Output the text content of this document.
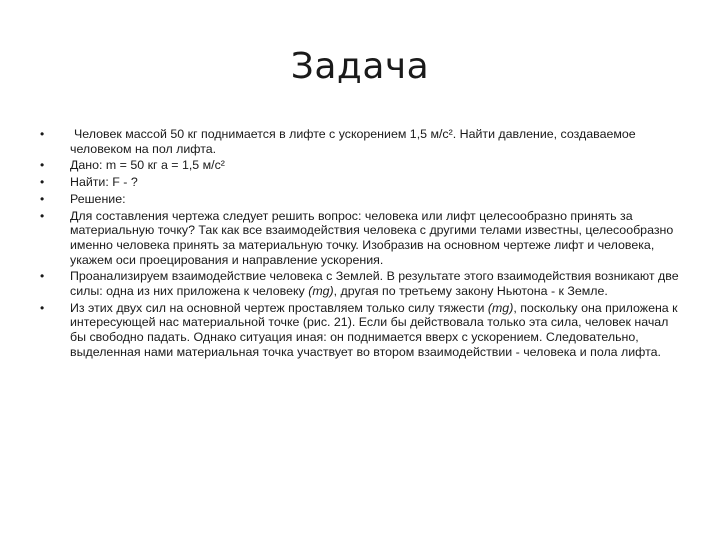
Задача
•	Человек массой 50 кг поднимается в лифте с ускорением 1,5 м/с². Найти давление, создаваемое человеком на пол лифта.
•	Дано: m = 50 кг a = 1,5 м/с²
•	Найти: F - ?
•	Решение:
•	Для составления чертежа следует решить вопрос: человека или лифт целесообразно принять за материальную точку? Так как все взаимодействия человека с другими телами известны, целесообразно именно человека принять за материальную точку. Изобразив на основном чертеже лифт и человека, укажем оси проецирования и направление ускорения.
•	Проанализируем взаимодействие человека с Землей. В результате этого взаимодействия возникают две силы: одна из них приложена к человеку (mg), другая по третьему закону Ньютона - к Земле.
•	Из этих двух сил на основной чертеж проставляем только силу тяжести (mg), поскольку она приложена к интересующей нас материальной точке (рис. 21). Если бы действовала только эта сила, человек начал бы свободно падать. Однако ситуация иная: он поднимается вверх с ускорением. Следовательно, выделенная нами материальная точка участвует во втором взаимодействии - человека и пола лифта.
